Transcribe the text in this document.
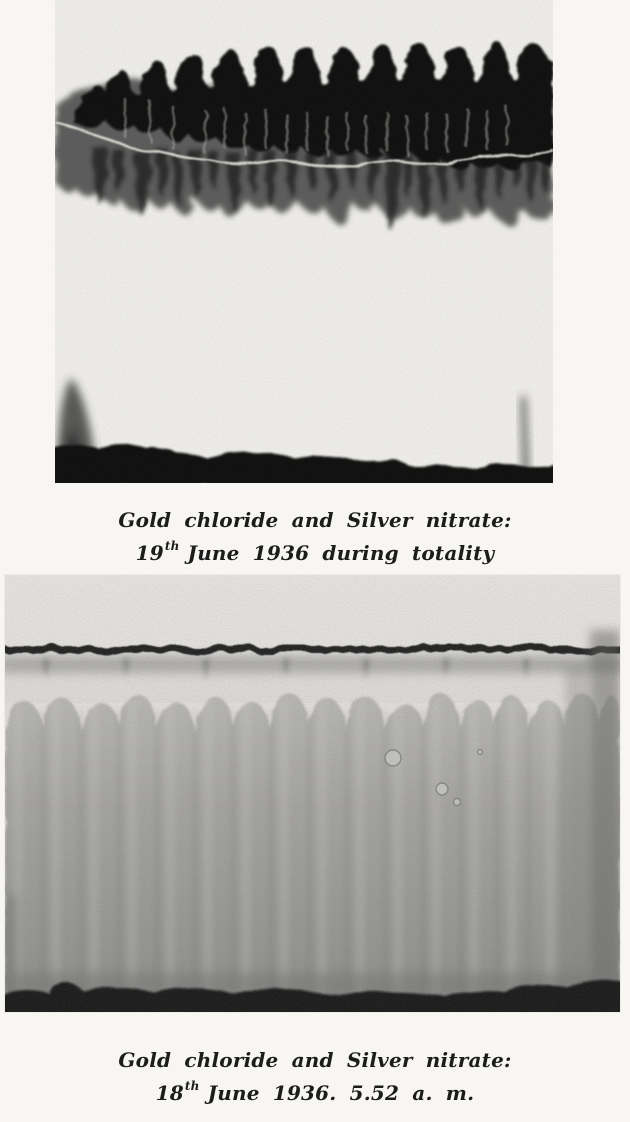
Gold chloride and Silver nitrate:
19th June 1936 during totality
Gold chloride and Silver nitrate:
18th June 1936. 5.52 a. m.
